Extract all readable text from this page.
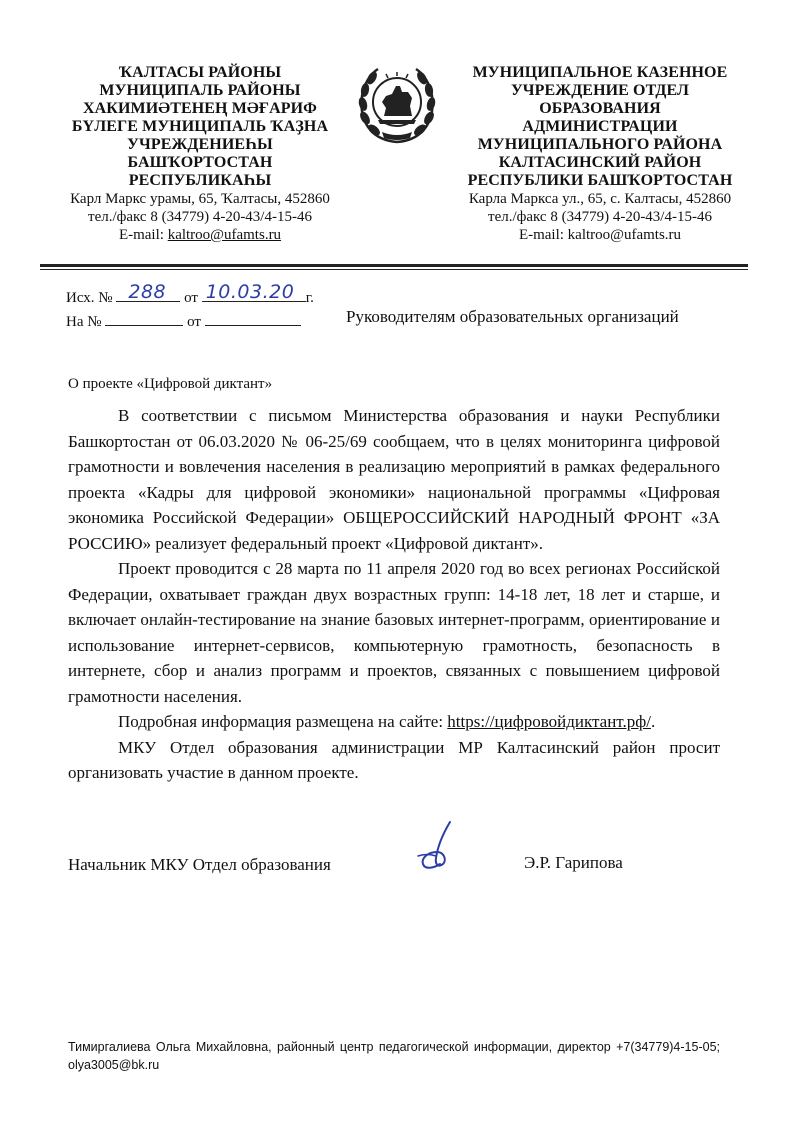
ҠАЛТАСЫ РАЙОНЫ
МУНИЦИПАЛЬ РАЙОНЫ
ХАКИМИӘТЕНЕҢ МӘҒАРИФ
БҮЛЕГЕ МУНИЦИПАЛЬ ҠАҘНА
УЧРЕЖДЕНИЕҺЫ
БАШҠОРТОСТАН
РЕСПУБЛИКАҺЫ
Карл Маркс урамы, 65, Ҡалтасы, 452860
тел./факс 8 (34779) 4-20-43/4-15-46
E-mail: kaltroo@ufamts.ru
МУНИЦИПАЛЬНОЕ КАЗЕННОЕ
УЧРЕЖДЕНИЕ ОТДЕЛ
ОБРАЗОВАНИЯ
АДМИНИСТРАЦИИ
МУНИЦИПАЛЬНОГО РАЙОНА
КАЛТАСИНСКИЙ РАЙОН
РЕСПУБЛИКИ БАШҠОРТОСТАН
Карла Маркса ул., 65, с. Калтасы, 452860
тел./факс 8 (34779) 4-20-43/4-15-46
E-mail: kaltroo@ufamts.ru
Исх. № 288 от 10.03.20 г.
На №	от	Руководителям образовательных организаций
О проекте «Цифровой диктант»

В соответствии с письмом Министерства образования и науки Республики Башкортостан от 06.03.2020 № 06-25/69 сообщаем, что в целях мониторинга цифровой грамотности и вовлечения населения в реализацию мероприятий в рамках федерального проекта «Кадры для цифровой экономики» национальной программы «Цифровая экономика Российской Федерации» ОБЩЕРОССИЙСКИЙ НАРОДНЫЙ ФРОНТ «ЗА РОССИЮ» реализует федеральный проект «Цифровой диктант».

Проект проводится с 28 марта по 11 апреля 2020 год во всех регионах Российской Федерации, охватывает граждан двух возрастных групп: 14-18 лет, 18 лет и старше, и включает онлайн-тестирование на знание базовых интернет-программ, ориентирование и использование интернет-сервисов, компьютерную грамотность, безопасность в интернете, сбор и анализ программ и проектов, связанных с повышением цифровой грамотности населения.

Подробная информация размещена на сайте: https://цифровойдиктант.рф/.

МКУ Отдел образования администрации МР Калтасинский район просит организовать участие в данном проекте.

Начальник МКУ Отдел образования	Э.Р. Гарипова
Тимиргалиева Ольга Михайловна, районный центр педагогической информации, директор +7(34779)4-15-05; olya3005@bk.ru
